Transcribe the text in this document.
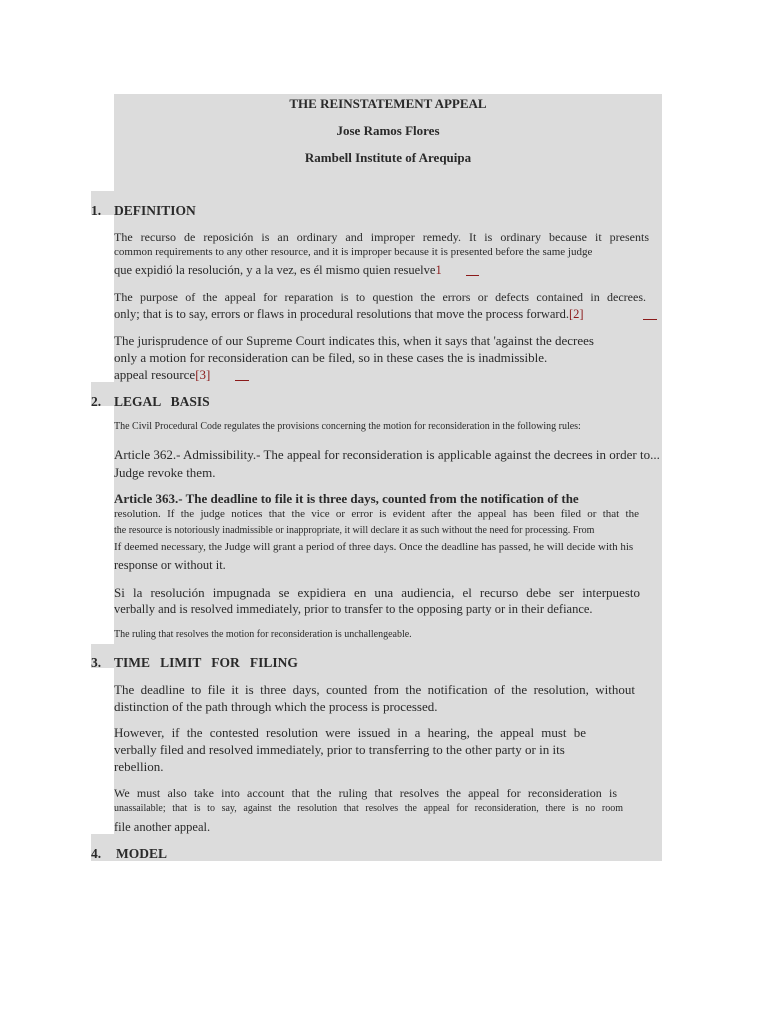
THE REINSTATEMENT APPEAL
Jose Ramos Flores
Rambell Institute of Arequipa
1. DEFINITION
The recurso de reposición is an ordinary and improper remedy. It is ordinary because it presents
common requirements to any other resource, and it is improper because it is presented before the same judge
que expidió la resolución, y a la vez, es él mismo quien resuelve1
The purpose of the appeal for reparation is to question the errors or defects contained in decrees.
only; that is to say, errors or flaws in procedural resolutions that move the process forward.[2]
The jurisprudence of our Supreme Court indicates this, when it says that 'against the decrees
only a motion for reconsideration can be filed, so in these cases the is inadmissible.
appeal resource[3]
2. LEGAL   BASIS
The Civil Procedural Code regulates the provisions concerning the motion for reconsideration in the following rules:
Article 362.- Admissibility.- The appeal for reconsideration is applicable against the decrees in order to...
Judge revoke them.
Article 363.- The deadline to file it is three days, counted from the notification of the
resolution. If the judge notices that the vice or error is evident after the appeal has been filed or that the
the resource is notoriously inadmissible or inappropriate, it will declare it as such without the need for processing. From
If deemed necessary, the Judge will grant a period of three days. Once the deadline has passed, he will decide with his
response or without it.
Si la resolución impugnada se expidiera en una audiencia, el recurso debe ser interpuesto
verbally and is resolved immediately, prior to transfer to the opposing party or in their defiance.
The ruling that resolves the motion for reconsideration is unchallengeable.
3. TIME   LIMIT   FOR   FILING
The deadline to file it is three days, counted from the notification of the resolution, without
distinction of the path through which the process is processed.
However, if the contested resolution were issued in a hearing, the appeal must be
verbally filed and resolved immediately, prior to transferring to the other party or in its
rebellion.
We must also take into account that the ruling that resolves the appeal for reconsideration is
unassailable; that is to say, against the resolution that resolves the appeal for reconsideration, there is no room
file another appeal.
4. MODEL
